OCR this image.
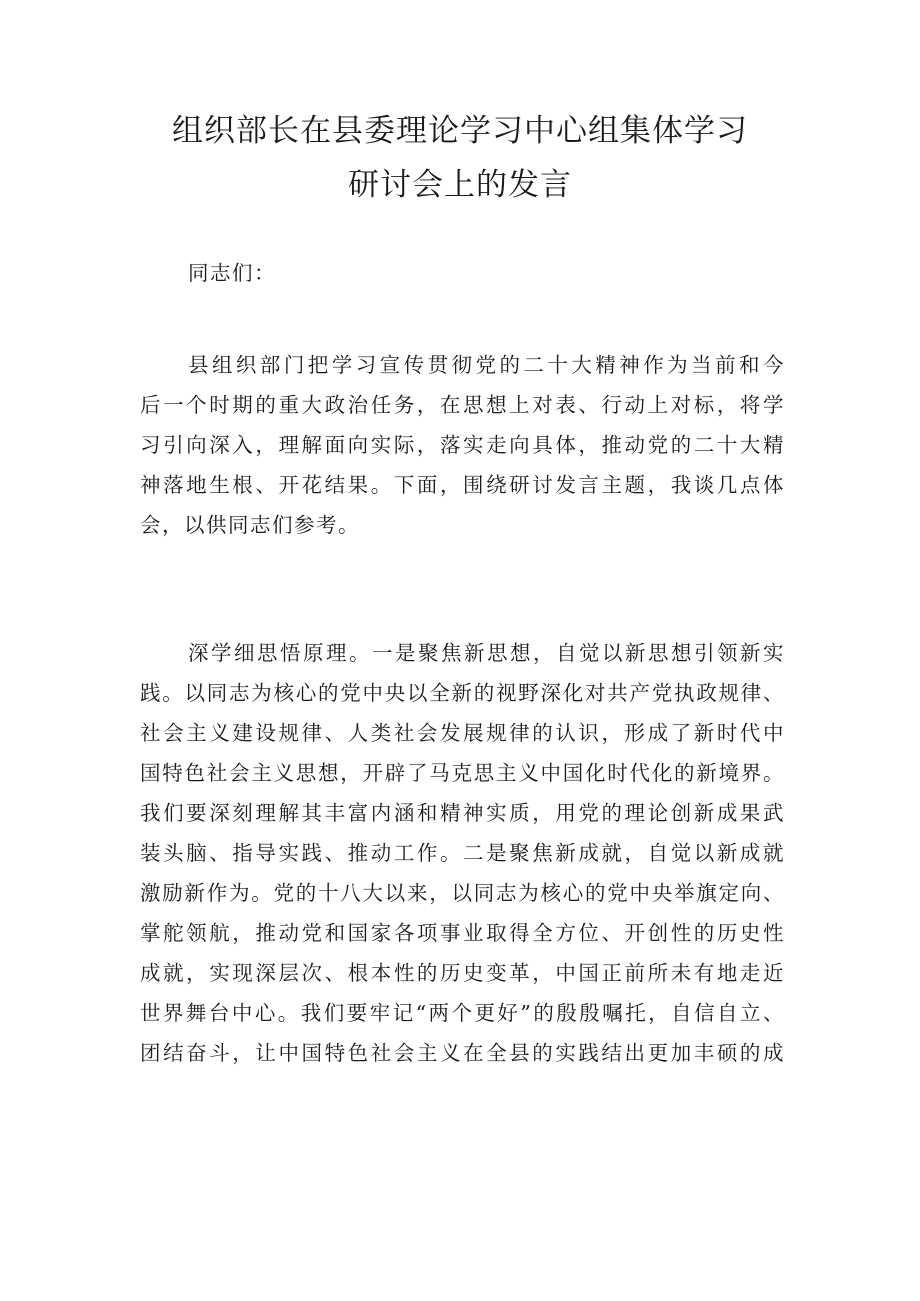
组织部长在县委理论学习中心组集体学习
研讨会上的发言
同志们：
县组织部门把学习宣传贯彻党的二十大精神作为当前和今
后一个时期的重大政治任务，在思想上对表、行动上对标，将学
习引向深入，理解面向实际，落实走向具体，推动党的二十大精
神落地生根、开花结果。下面，围绕研讨发言主题，我谈几点体
会，以供同志们参考。
深学细思悟原理。一是聚焦新思想，自觉以新思想引领新实
践。以同志为核心的党中央以全新的视野深化对共产党执政规律、
社会主义建设规律、人类社会发展规律的认识，形成了新时代中
国特色社会主义思想，开辟了马克思主义中国化时代化的新境界。
我们要深刻理解其丰富内涵和精神实质，用党的理论创新成果武
装头脑、指导实践、推动工作。二是聚焦新成就，自觉以新成就
激励新作为。党的十八大以来，以同志为核心的党中央举旗定向、
掌舵领航，推动党和国家各项事业取得全方位、开创性的历史性
成就，实现深层次、根本性的历史变革，中国正前所未有地走近
世界舞台中心。我们要牢记“两个更好”的殷殷嘱托，自信自立、
团结奋斗，让中国特色社会主义在全县的实践结出更加丰硕的成
